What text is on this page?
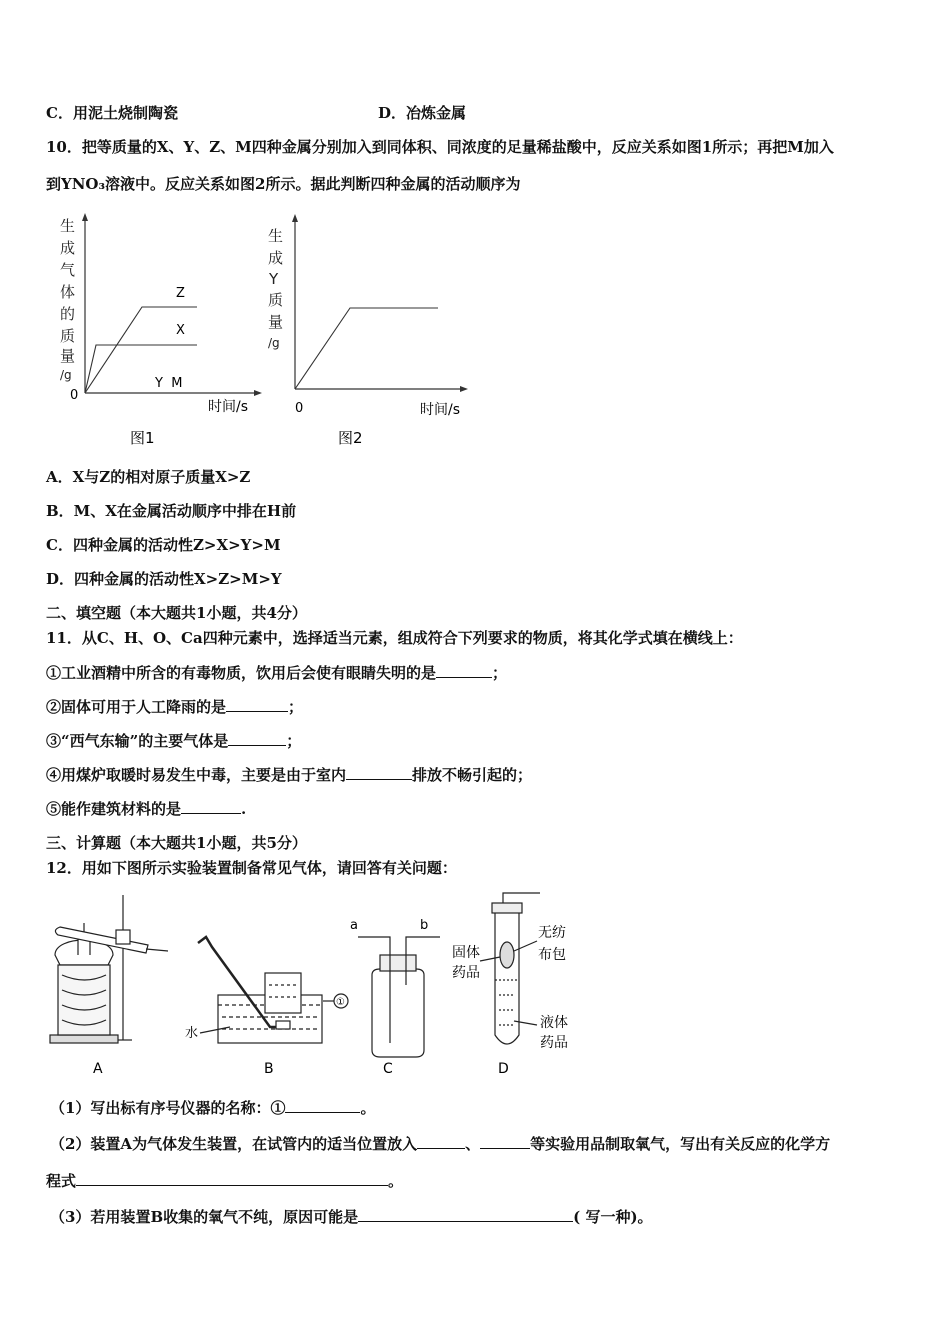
C．用泥土烧制陶瓷	D．冶炼金属
10．把等质量的X、Y、Z、M四种金属分别加入到同体积、同浓度的足量稀盐酸中，反应关系如图1所示；再把M加入
到YNO₃溶液中。反应关系如图2所示。据此判断四种金属的活动顺序为
生
成
气
体
的
质
量
/g
0
Z
X
Y  M
时间/s
图1
生
成
Y
质
量
/g
0	时间/s
图2
A．X与Z的相对原子质量X>Z
B．M、X在金属活动顺序中排在H前
C．四种金属的活动性Z>X>Y>M
D．四种金属的活动性X>Z>M>Y
二、填空题（本大题共1小题，共4分）
11．从C、H、O、Ca四种元素中，选择适当元素，组成符合下列要求的物质，将其化学式填在横线上：
①工业酒精中所含的有毒物质，饮用后会使有眼睛失明的是	；
②固体可用于人工降雨的是	；
③“西气东输”的主要气体是	；
④用煤炉取暖时易发生中毒，主要是由于室内	排放不畅引起的；
⑤能作建筑材料的是	.
三、计算题（本大题共1小题，共5分）
12．用如下图所示实验装置制备常见气体，请回答有关问题：
A
①
水
B
a	b
C
固体
药品
无纺
布包
液体
药品
D
（1）写出标有序号仪器的名称：①	。
（2）装置A为气体发生装置，在试管内的适当位置放入	、	等实验用品制取氧气，写出有关反应的化学方
程式	。
（3）若用装置B收集的氧气不纯，原因可能是	( 写一种)。
